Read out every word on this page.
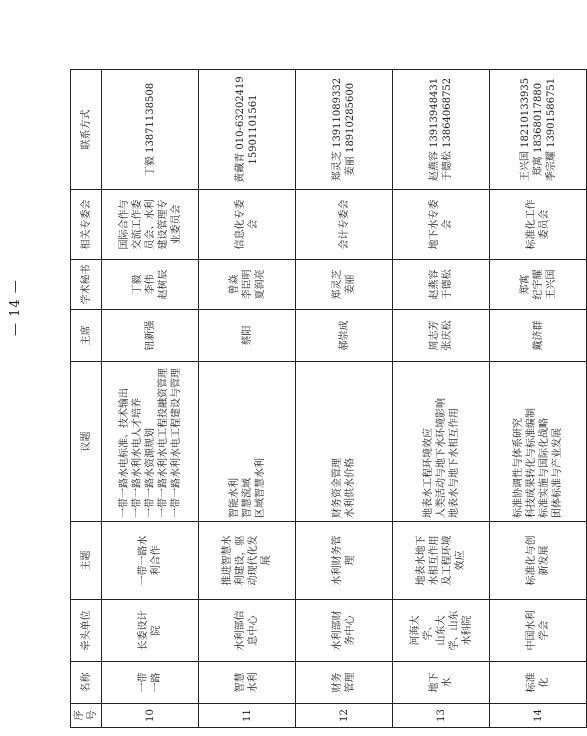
序号	名称	牵头单位	主题	议题	主席	学术秘书	相关专委会	联系方式
10	一带 一路	长委设计 院	一带一路水 利合作	一带一路水电标准、技术输出 一带一路水利水电人才培养 一带一路水资源规划 一带一路水利水电工程投融资管理 一带一路水利水电工程建设与管理	钮新强	丁毅 李伟 赵树辰	国际合作与 交流工作委 员会、水利 建设管理专 业委员会	丁毅 13871138508

11	智慧 水利	水利部信 息中心	推进智慧水 利建设，驱 动现代化发 展	智能水利 智慧流域 区域智慧水利	蔡阳	曾焱 李臣明 夏润亮	信息化专委 会	黄藏青 010-63202419 15901101561

12	财务 管理	水利部财 务中心	水利财务管 理	财务资金管理 水利供水价格	郝崇成	郑灵芝 姜丽	会计专委会	郑灵芝 13911089332 姜丽 18910285600

13	地下 水	河海大 学、 山东大 学、山东 水科院	地表水地下 水相互作用 及工程环境 效应	地表水工程环境效应 人类活动与地下水环境影响 地表水与地下水相互作用	周志芳 张庆松	赵燕容 于德松	地下水专委 会	赵燕容 13913948431 于德松 13864068752

14	标准 化	中国水利 学会	标准化与创 新发展	标准协调性与体系研究 科技成果转化与标准编制 标准实施与国际化战略 团体标准与产业发展	戴济群	郑寓 纪宇耀 王兴国	标准化工作 委员会	王兴国 18210133935 郑寓 18368017880 季宗耀 13901586751
— 14 —
